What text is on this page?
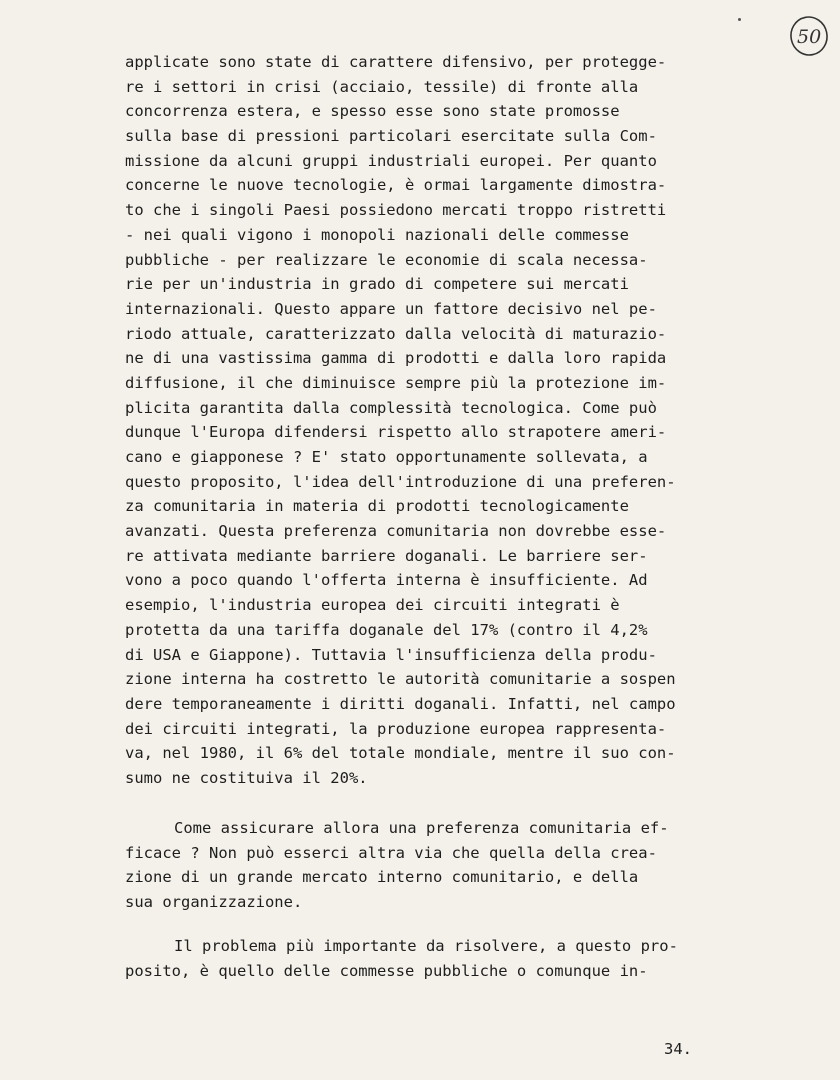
50
applicate sono state di carattere difensivo, per protegge-
re i settori in crisi (acciaio, tessile) di fronte alla
concorrenza estera, e spesso esse sono state promosse
sulla base di pressioni particolari esercitate sulla Com-
missione da alcuni gruppi industriali europei. Per quanto
concerne le nuove tecnologie, è ormai largamente dimostra-
to che i singoli Paesi possiedono mercati troppo ristretti
- nei quali vigono i monopoli nazionali delle commesse
pubbliche - per realizzare le economie di scala necessa-
rie per un'industria in grado di competere sui mercati
internazionali. Questo appare un fattore decisivo nel pe-
riodo attuale, caratterizzato dalla velocità di maturazio-
ne di una vastissima gamma di prodotti e dalla loro rapida
diffusione, il che diminuisce sempre più la protezione im-
plicita garantita dalla complessità tecnologica. Come può
dunque l'Europa difendersi rispetto allo strapotere ameri-
cano e giapponese ? E' stato opportunamente sollevata, a
questo proposito, l'idea dell'introduzione di una preferen-
za comunitaria in materia di prodotti tecnologicamente
avanzati. Questa preferenza comunitaria non dovrebbe esse-
re attivata mediante barriere doganali. Le barriere ser-
vono a poco quando l'offerta interna è insufficiente. Ad
esempio, l'industria europea dei circuiti integrati è
protetta da una tariffa doganale del 17% (contro il 4,2%
di USA e Giappone). Tuttavia l'insufficienza della produ-
zione interna ha costretto le autorità comunitarie a sospen
dere temporaneamente i diritti doganali. Infatti, nel campo
dei circuiti integrati, la produzione europea rappresenta-
va, nel 1980, il 6% del totale mondiale, mentre il suo con-
sumo ne costituiva il 20%.
Come assicurare allora una preferenza comunitaria ef-
ficace ? Non può esserci altra via che quella della crea-
zione di un grande mercato interno comunitario, e della
sua organizzazione.
Il problema più importante da risolvere, a questo pro-
posito, è quello delle commesse pubbliche o comunque in-
34.
